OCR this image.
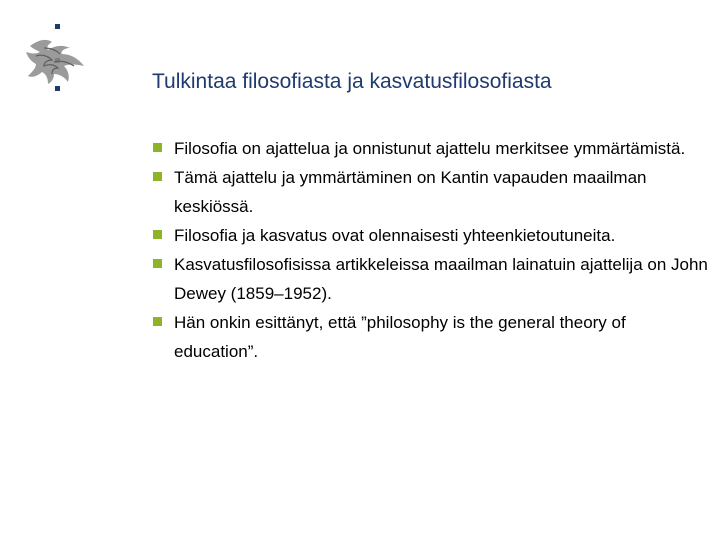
Tulkintaa filosofiasta ja kasvatusfilosofiasta
Filosofia on ajattelua ja onnistunut ajattelu merkitsee ymmärtämistä.
Tämä ajattelu ja ymmärtäminen on Kantin vapauden maailman keskiössä.
Filosofia ja kasvatus ovat olennaisesti yhteenkietoutuneita.
Kasvatusfilosofisissa artikkeleissa maailman lainatuin ajattelija on John Dewey (1859–1952).
Hän onkin esittänyt, että ”philosophy is the general theory of education”.
